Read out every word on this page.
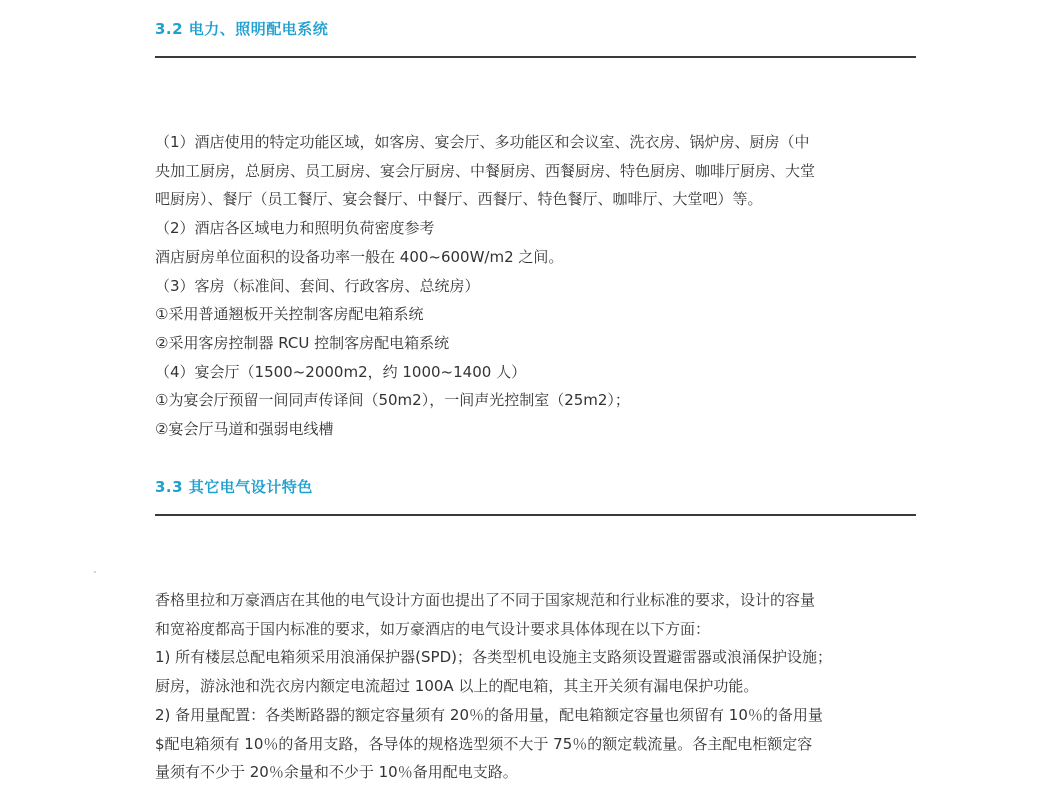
3.2 电力、照明配电系统

（1）酒店使用的特定功能区域，如客房、宴会厅、多功能区和会议室、洗衣房、锅炉房、厨房（中

央加工厨房，总厨房、员工厨房、宴会厅厨房、中餐厨房、西餐厨房、特色厨房、咖啡厅厨房、大堂

吧厨房）、餐厅（员工餐厅、宴会餐厅、中餐厅、西餐厅、特色餐厅、咖啡厅、大堂吧）等。

（2）酒店各区域电力和照明负荷密度参考

酒店厨房单位面积的设备功率一般在 400~600W/m2 之间。

（3）客房（标准间、套间、行政客房、总统房）

①采用普通翘板开关控制客房配电箱系统

②采用客房控制器 RCU 控制客房配电箱系统

（4）宴会厅（1500~2000m2，约 1000~1400 人）

①为宴会厅预留一间同声传译间（50m2），一间声光控制室（25m2）；

②宴会厅马道和强弱电线槽

3.3 其它电气设计特色

香格里拉和万豪酒店在其他的电气设计方面也提出了不同于国家规范和行业标准的要求，设计的容量

和宽裕度都高于国内标准的要求，如万豪酒店的电气设计要求具体体现在以下方面：

1) 所有楼层总配电箱须采用浪涌保护器(SPD)；各类型机电设施主支路须设置避雷器或浪涌保护设施；

厨房，游泳池和洗衣房内额定电流超过 100A 以上的配电箱，其主开关须有漏电保护功能。

2) 备用量配置：各类断路器的额定容量须有 20％的备用量，配电箱额定容量也须留有 10％的备用量

$配电箱须有 10％的备用支路，各导体的规格选型须不大于 75％的额定载流量。各主配电柜额定容

量须有不少于 20％余量和不少于 10％备用配电支路。
